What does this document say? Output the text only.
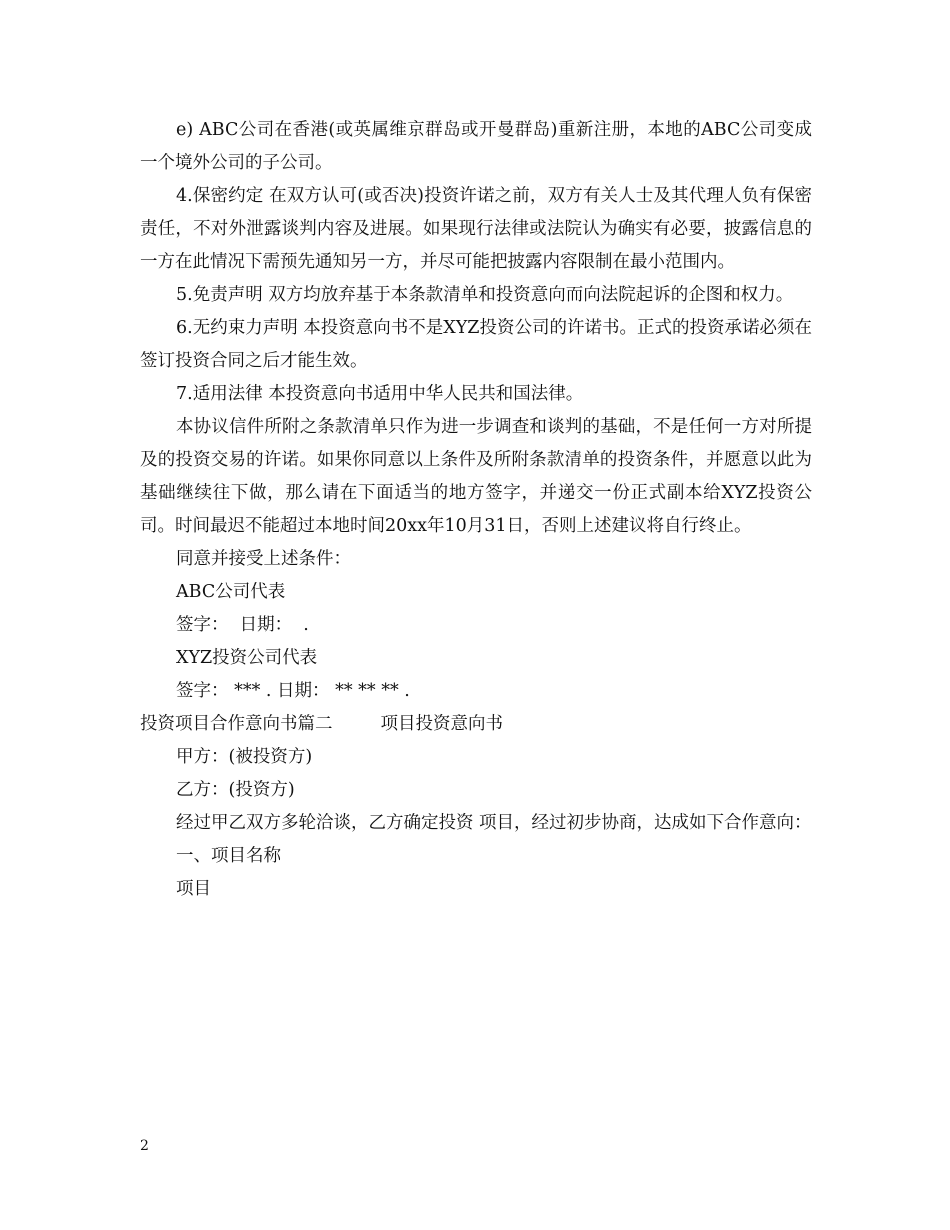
e) ABC公司在香港(或英属维京群岛或开曼群岛)重新注册，本地的ABC公司变成一个境外公司的子公司。

4.保密约定 在双方认可(或否决)投资许诺之前，双方有关人士及其代理人负有保密责任，不对外泄露谈判内容及进展。如果现行法律或法院认为确实有必要，披露信息的一方在此情况下需预先通知另一方，并尽可能把披露内容限制在最小范围内。

5.免责声明 双方均放弃基于本条款清单和投资意向而向法院起诉的企图和权力。

6.无约束力声明 本投资意向书不是XYZ投资公司的许诺书。正式的投资承诺必须在签订投资合同之后才能生效。

7.适用法律 本投资意向书适用中华人民共和国法律。

本协议信件所附之条款清单只作为进一步调查和谈判的基础，不是任何一方对所提及的投资交易的许诺。如果你同意以上条件及所附条款清单的投资条件，并愿意以此为基础继续往下做，那么请在下面适当的地方签字，并递交一份正式副本给XYZ投资公司。时间最迟不能超过本地时间20xx年10月31日，否则上述建议将自行终止。

同意并接受上述条件：

ABC公司代表

签字：  日期：  .

XYZ投资公司代表

签字： *** . 日期： ** ** ** .

投资项目合作意向书篇二	项目投资意向书

甲方：(被投资方)

乙方：(投资方)

经过甲乙双方多轮洽谈，乙方确定投资 项目，经过初步协商，达成如下合作意向：

一、项目名称

项目

2
